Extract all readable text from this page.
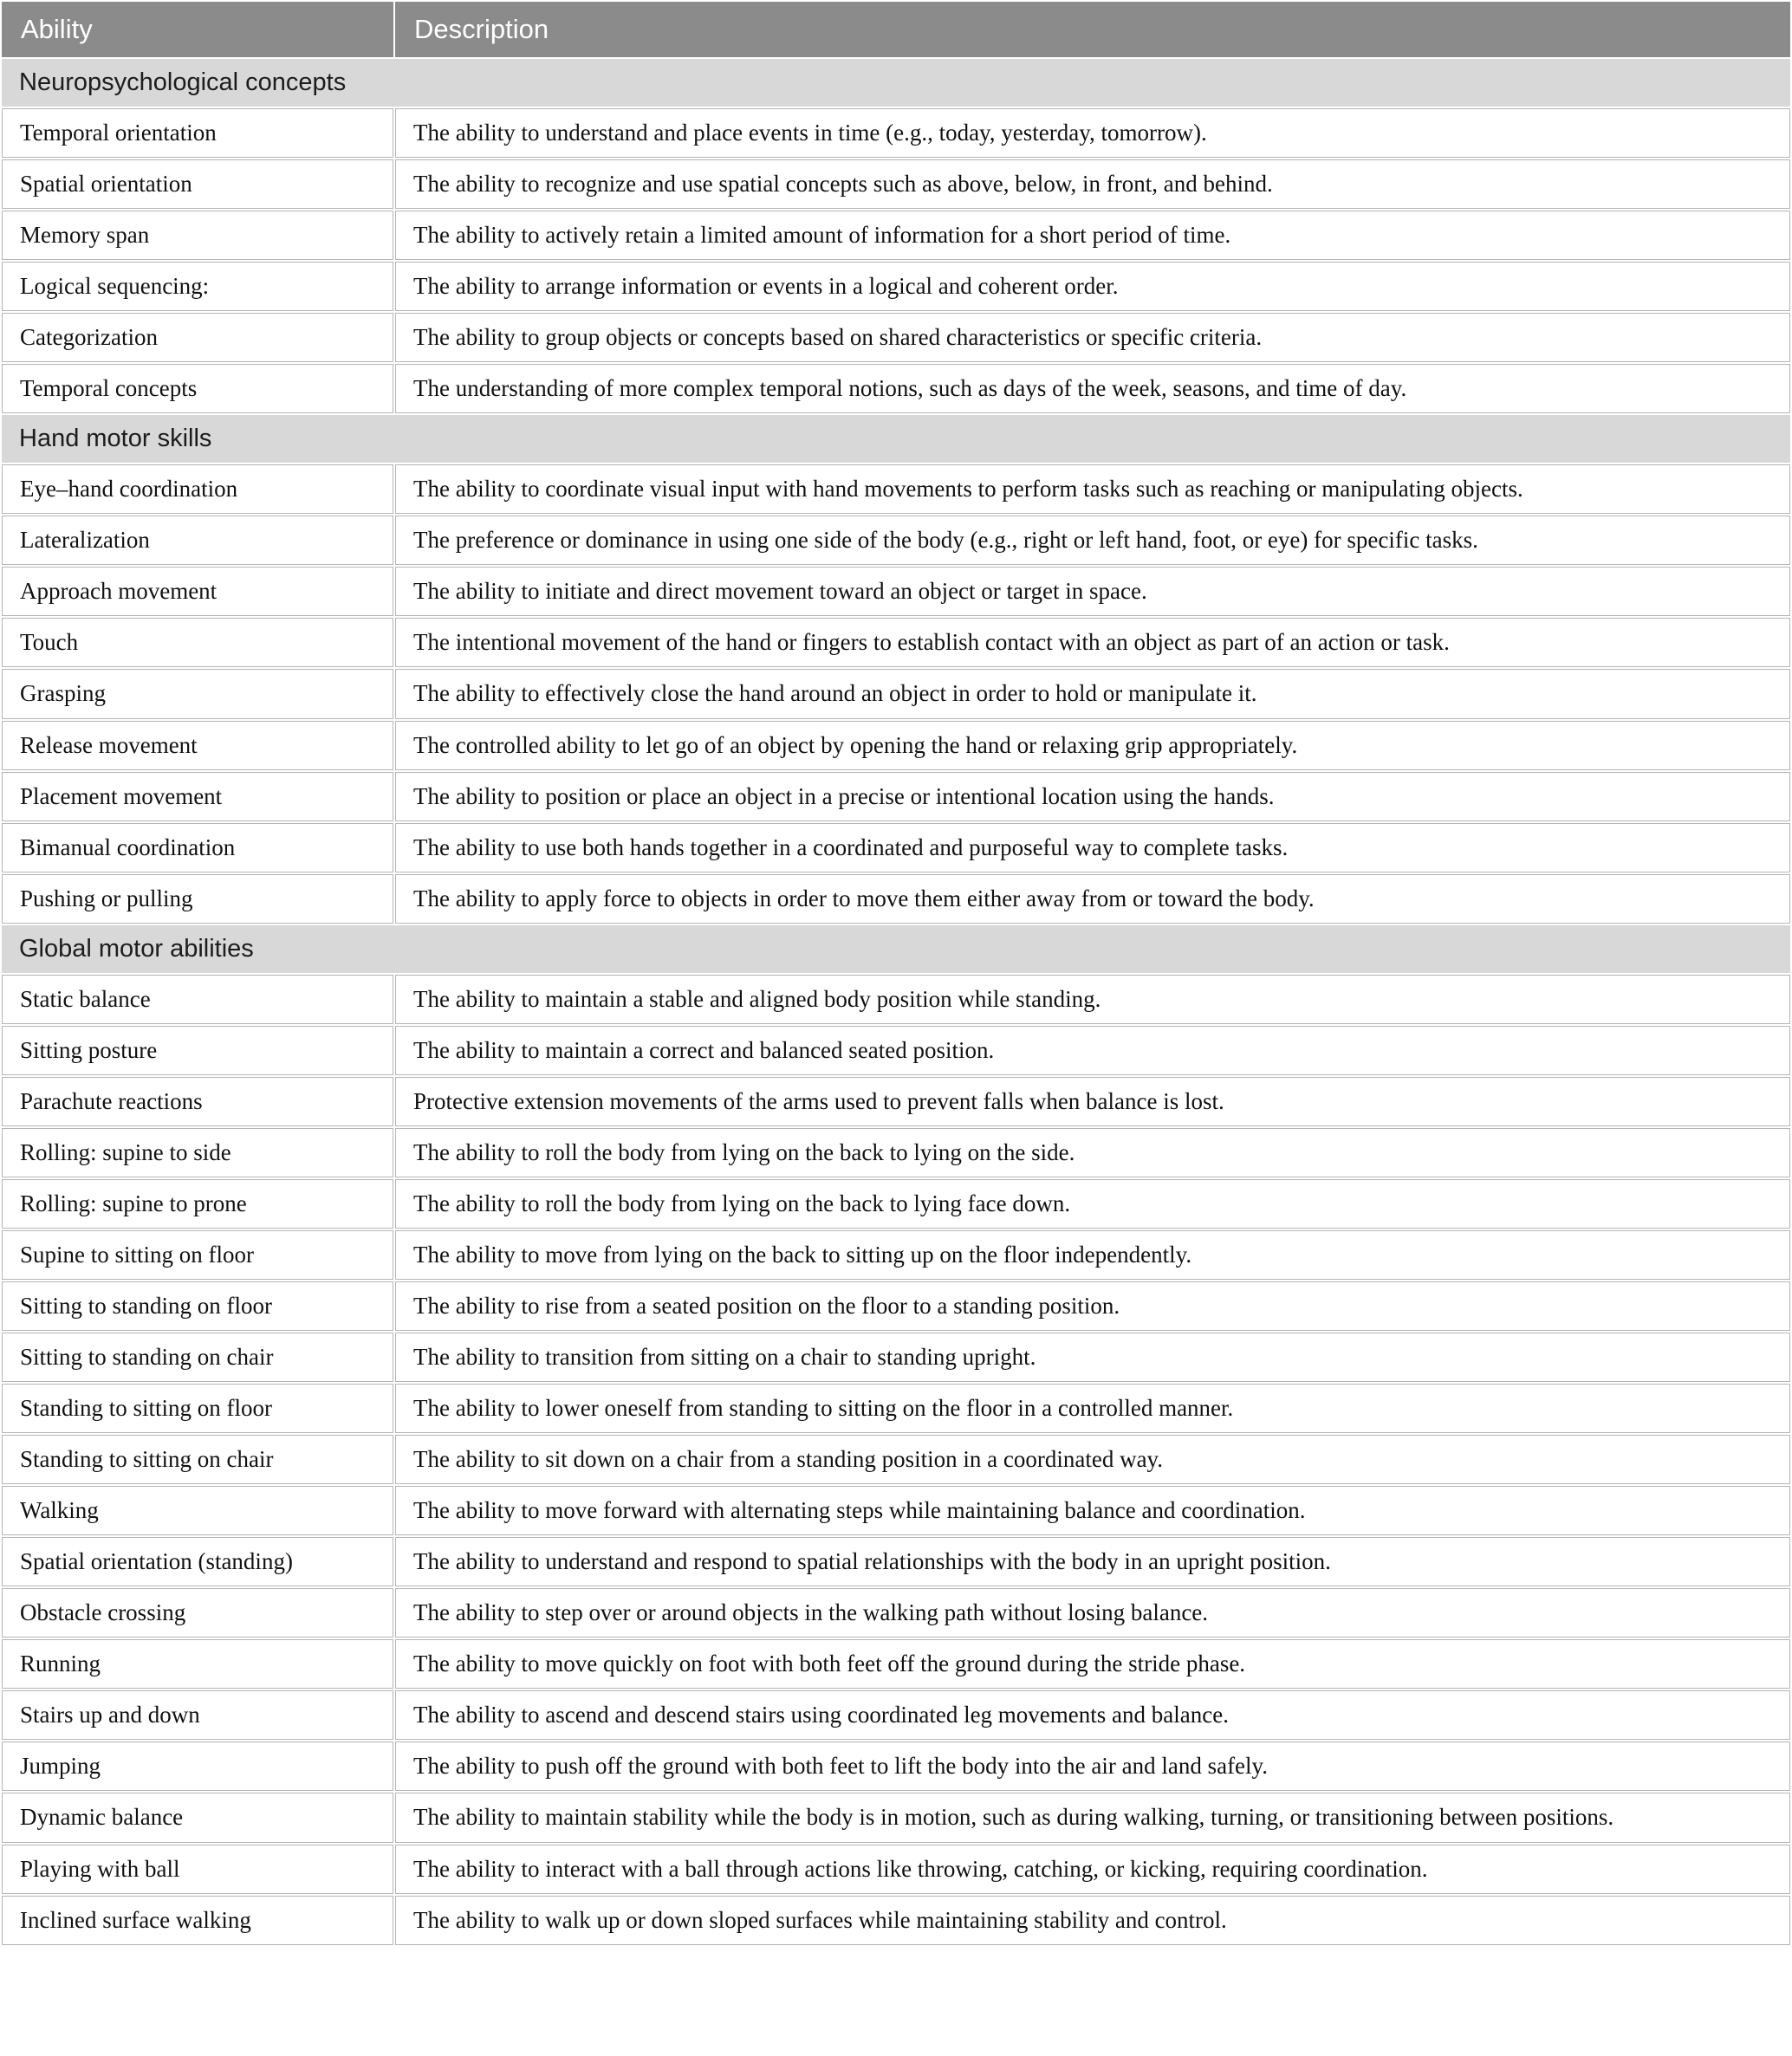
Ability	Description
Neuropsychological concepts	
Temporal orientation	The ability to understand and place events in time (e.g., today, yesterday, tomorrow).
Spatial orientation	The ability to recognize and use spatial concepts such as above, below, in front, and behind.
Memory span	The ability to actively retain a limited amount of information for a short period of time.
Logical sequencing:	The ability to arrange information or events in a logical and coherent order.
Categorization	The ability to group objects or concepts based on shared characteristics or specific criteria.
Temporal concepts	The understanding of more complex temporal notions, such as days of the week, seasons, and time of day.
Hand motor skills	
Eye–hand coordination	The ability to coordinate visual input with hand movements to perform tasks such as reaching or manipulating objects.
Lateralization	The preference or dominance in using one side of the body (e.g., right or left hand, foot, or eye) for specific tasks.
Approach movement	The ability to initiate and direct movement toward an object or target in space.
Touch	The intentional movement of the hand or fingers to establish contact with an object as part of an action or task.
Grasping	The ability to effectively close the hand around an object in order to hold or manipulate it.
Release movement	The controlled ability to let go of an object by opening the hand or relaxing grip appropriately.
Placement movement	The ability to position or place an object in a precise or intentional location using the hands.
Bimanual coordination	The ability to use both hands together in a coordinated and purposeful way to complete tasks.
Pushing or pulling	The ability to apply force to objects in order to move them either away from or toward the body.
Global motor abilities	
Static balance	The ability to maintain a stable and aligned body position while standing.
Sitting posture	The ability to maintain a correct and balanced seated position.
Parachute reactions	Protective extension movements of the arms used to prevent falls when balance is lost.
Rolling: supine to side	The ability to roll the body from lying on the back to lying on the side.
Rolling: supine to prone	The ability to roll the body from lying on the back to lying face down.
Supine to sitting on floor	The ability to move from lying on the back to sitting up on the floor independently.
Sitting to standing on floor	The ability to rise from a seated position on the floor to a standing position.
Sitting to standing on chair	The ability to transition from sitting on a chair to standing upright.
Standing to sitting on floor	The ability to lower oneself from standing to sitting on the floor in a controlled manner.
Standing to sitting on chair	The ability to sit down on a chair from a standing position in a coordinated way.
Walking	The ability to move forward with alternating steps while maintaining balance and coordination.
Spatial orientation (standing)	The ability to understand and respond to spatial relationships with the body in an upright position.
Obstacle crossing	The ability to step over or around objects in the walking path without losing balance.
Running	The ability to move quickly on foot with both feet off the ground during the stride phase.
Stairs up and down	The ability to ascend and descend stairs using coordinated leg movements and balance.
Jumping	The ability to push off the ground with both feet to lift the body into the air and land safely.
Dynamic balance	The ability to maintain stability while the body is in motion, such as during walking, turning, or transitioning between positions.
Playing with ball	The ability to interact with a ball through actions like throwing, catching, or kicking, requiring coordination.
Inclined surface walking	The ability to walk up or down sloped surfaces while maintaining stability and control.
